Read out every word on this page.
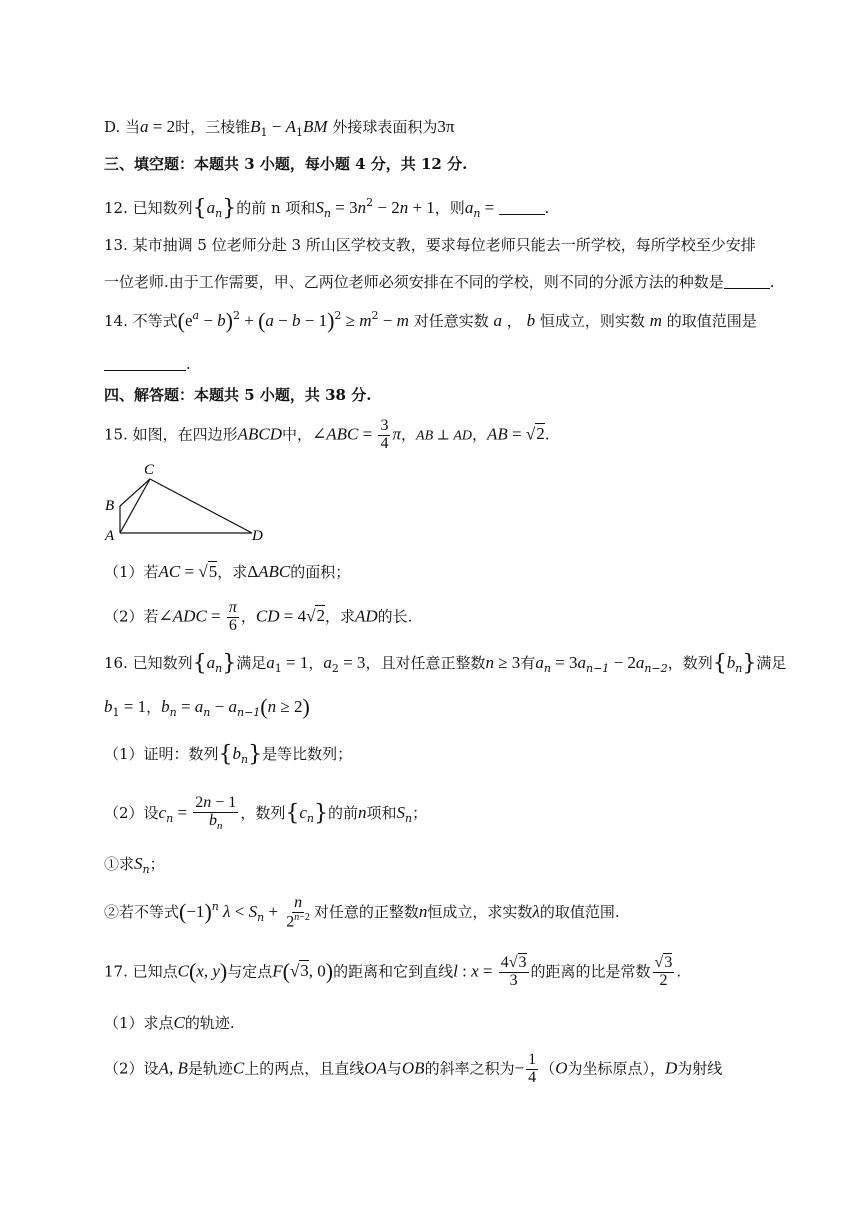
D. 当a = 2时，三棱锥$B_1 - A_1BM$ 外接球表面积为3π
三、填空题：本题共 3 小题，每小题 4 分，共 12 分.
12. 已知数列$\{a_n\}$的前 n 项和$S_n = 3n^2 - 2n + 1$，则$a_n$ =	.
13. 某市抽调 5 位老师分赴 3 所山区学校支教，要求每位老师只能去一所学校，每所学校至少安排
一位老师.由于工作需要，甲、乙两位老师必须安排在不同的学校，则不同的分派方法的种数是	.
14. 不等式$(e^a - b)^2 + (a - b - 1)^2 \ge m^2 - m$ 对任意实数 a ， b 恒成立，则实数 m 的取值范围是
.
四、解答题：本题共 5 小题，共 38 分.
15. 如图，在四边形ABCD中，∠ABC = $\frac{3}{4}$ π，AB ⊥ AD，AB = √2.
C
B
A	D
（1）若AC = √5，求ΔABC的面积；
（2）若∠ADC = $\frac{\pi}{6}$ ，CD = 4√2，求AD的长.
16. 已知数列$\{a_n\}$满足$a_1 = 1$，$a_2 = 3$，且对任意正整数n ≥ 3有$a_n = 3a_{n-1} - 2a_{n-2}$，数列$\{b_n\}$满足
$b_1 = 1$，$b_n = a_n - a_{n-1}(n \ge 2)$
（1）证明：数列$\{b_n\}$是等比数列；
（2）设$c_n = \frac{2n - 1}{b_n}$ ，数列$\{c_n\}$的前n项和$S_n$；
①求$S_n$；
②若不等式$(-1)^n$ $\lambda < S_n + \frac{n}{2^{n-2}}$ 对任意的正整数n恒成立，求实数λ的取值范围.
17. 已知点C(x, y)与定点F(√3, 0)的距离和它到直线l : $x = \frac{4√3}{3}$ 的距离的比是常数 $\frac{√3}{2}$ .
（1）求点C的轨迹.
（2）设A, B是轨迹C上的两点，且直线OA与OB的斜率之积为− $\frac{1}{4} (O$为坐标原点），D为射线
